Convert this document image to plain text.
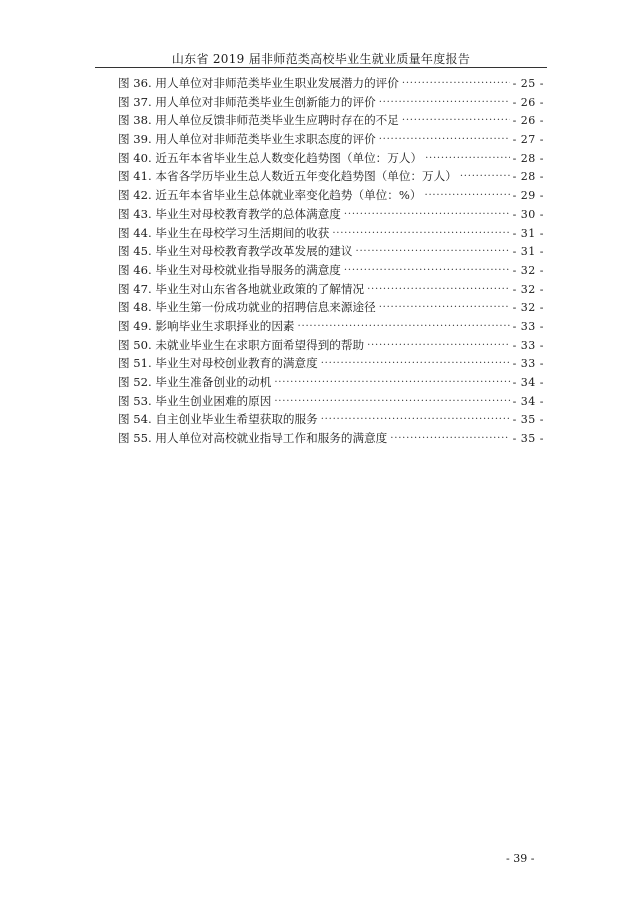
山东省 2019 届非师范类高校毕业生就业质量年度报告
图 36. 用人单位对非师范类毕业生职业发展潜力的评价 . . .	- 25 -
图 37. 用人单位对非师范类毕业生创新能力的评价 . . .	- 26 -
图 38. 用人单位反馈非师范类毕业生应聘时存在的不足 . . .	- 26 -
图 39. 用人单位对非师范类毕业生求职态度的评价 . . .	- 27 -
图 40. 近五年本省毕业生总人数变化趋势图（单位：万人） . . .	- 28 -
图 41. 本省各学历毕业生总人数近五年变化趋势图（单位：万人） . . .	- 28 -
图 42. 近五年本省毕业生总体就业率变化趋势（单位：%） . . .	- 29 -
图 43. 毕业生对母校教育教学的总体满意度 . . .	- 30 -
图 44. 毕业生在母校学习生活期间的收获 . . .	- 31 -
图 45. 毕业生对母校教育教学改革发展的建议 . . .	- 31 -
图 46. 毕业生对母校就业指导服务的满意度 . . .	- 32 -
图 47. 毕业生对山东省各地就业政策的了解情况 . . .	- 32 -
图 48. 毕业生第一份成功就业的招聘信息来源途径 . . .	- 32 -
图 49. 影响毕业生求职择业的因素 . . .	- 33 -
图 50. 未就业毕业生在求职方面希望得到的帮助 . . .	- 33 -
图 51. 毕业生对母校创业教育的满意度 . . .	- 33 -
图 52. 毕业生准备创业的动机 . . .	- 34 -
图 53. 毕业生创业困难的原因 . . .	- 34 -
图 54. 自主创业毕业生希望获取的服务 . . .	- 35 -
图 55. 用人单位对高校就业指导工作和服务的满意度 . . .	- 35 -
- 39 -
